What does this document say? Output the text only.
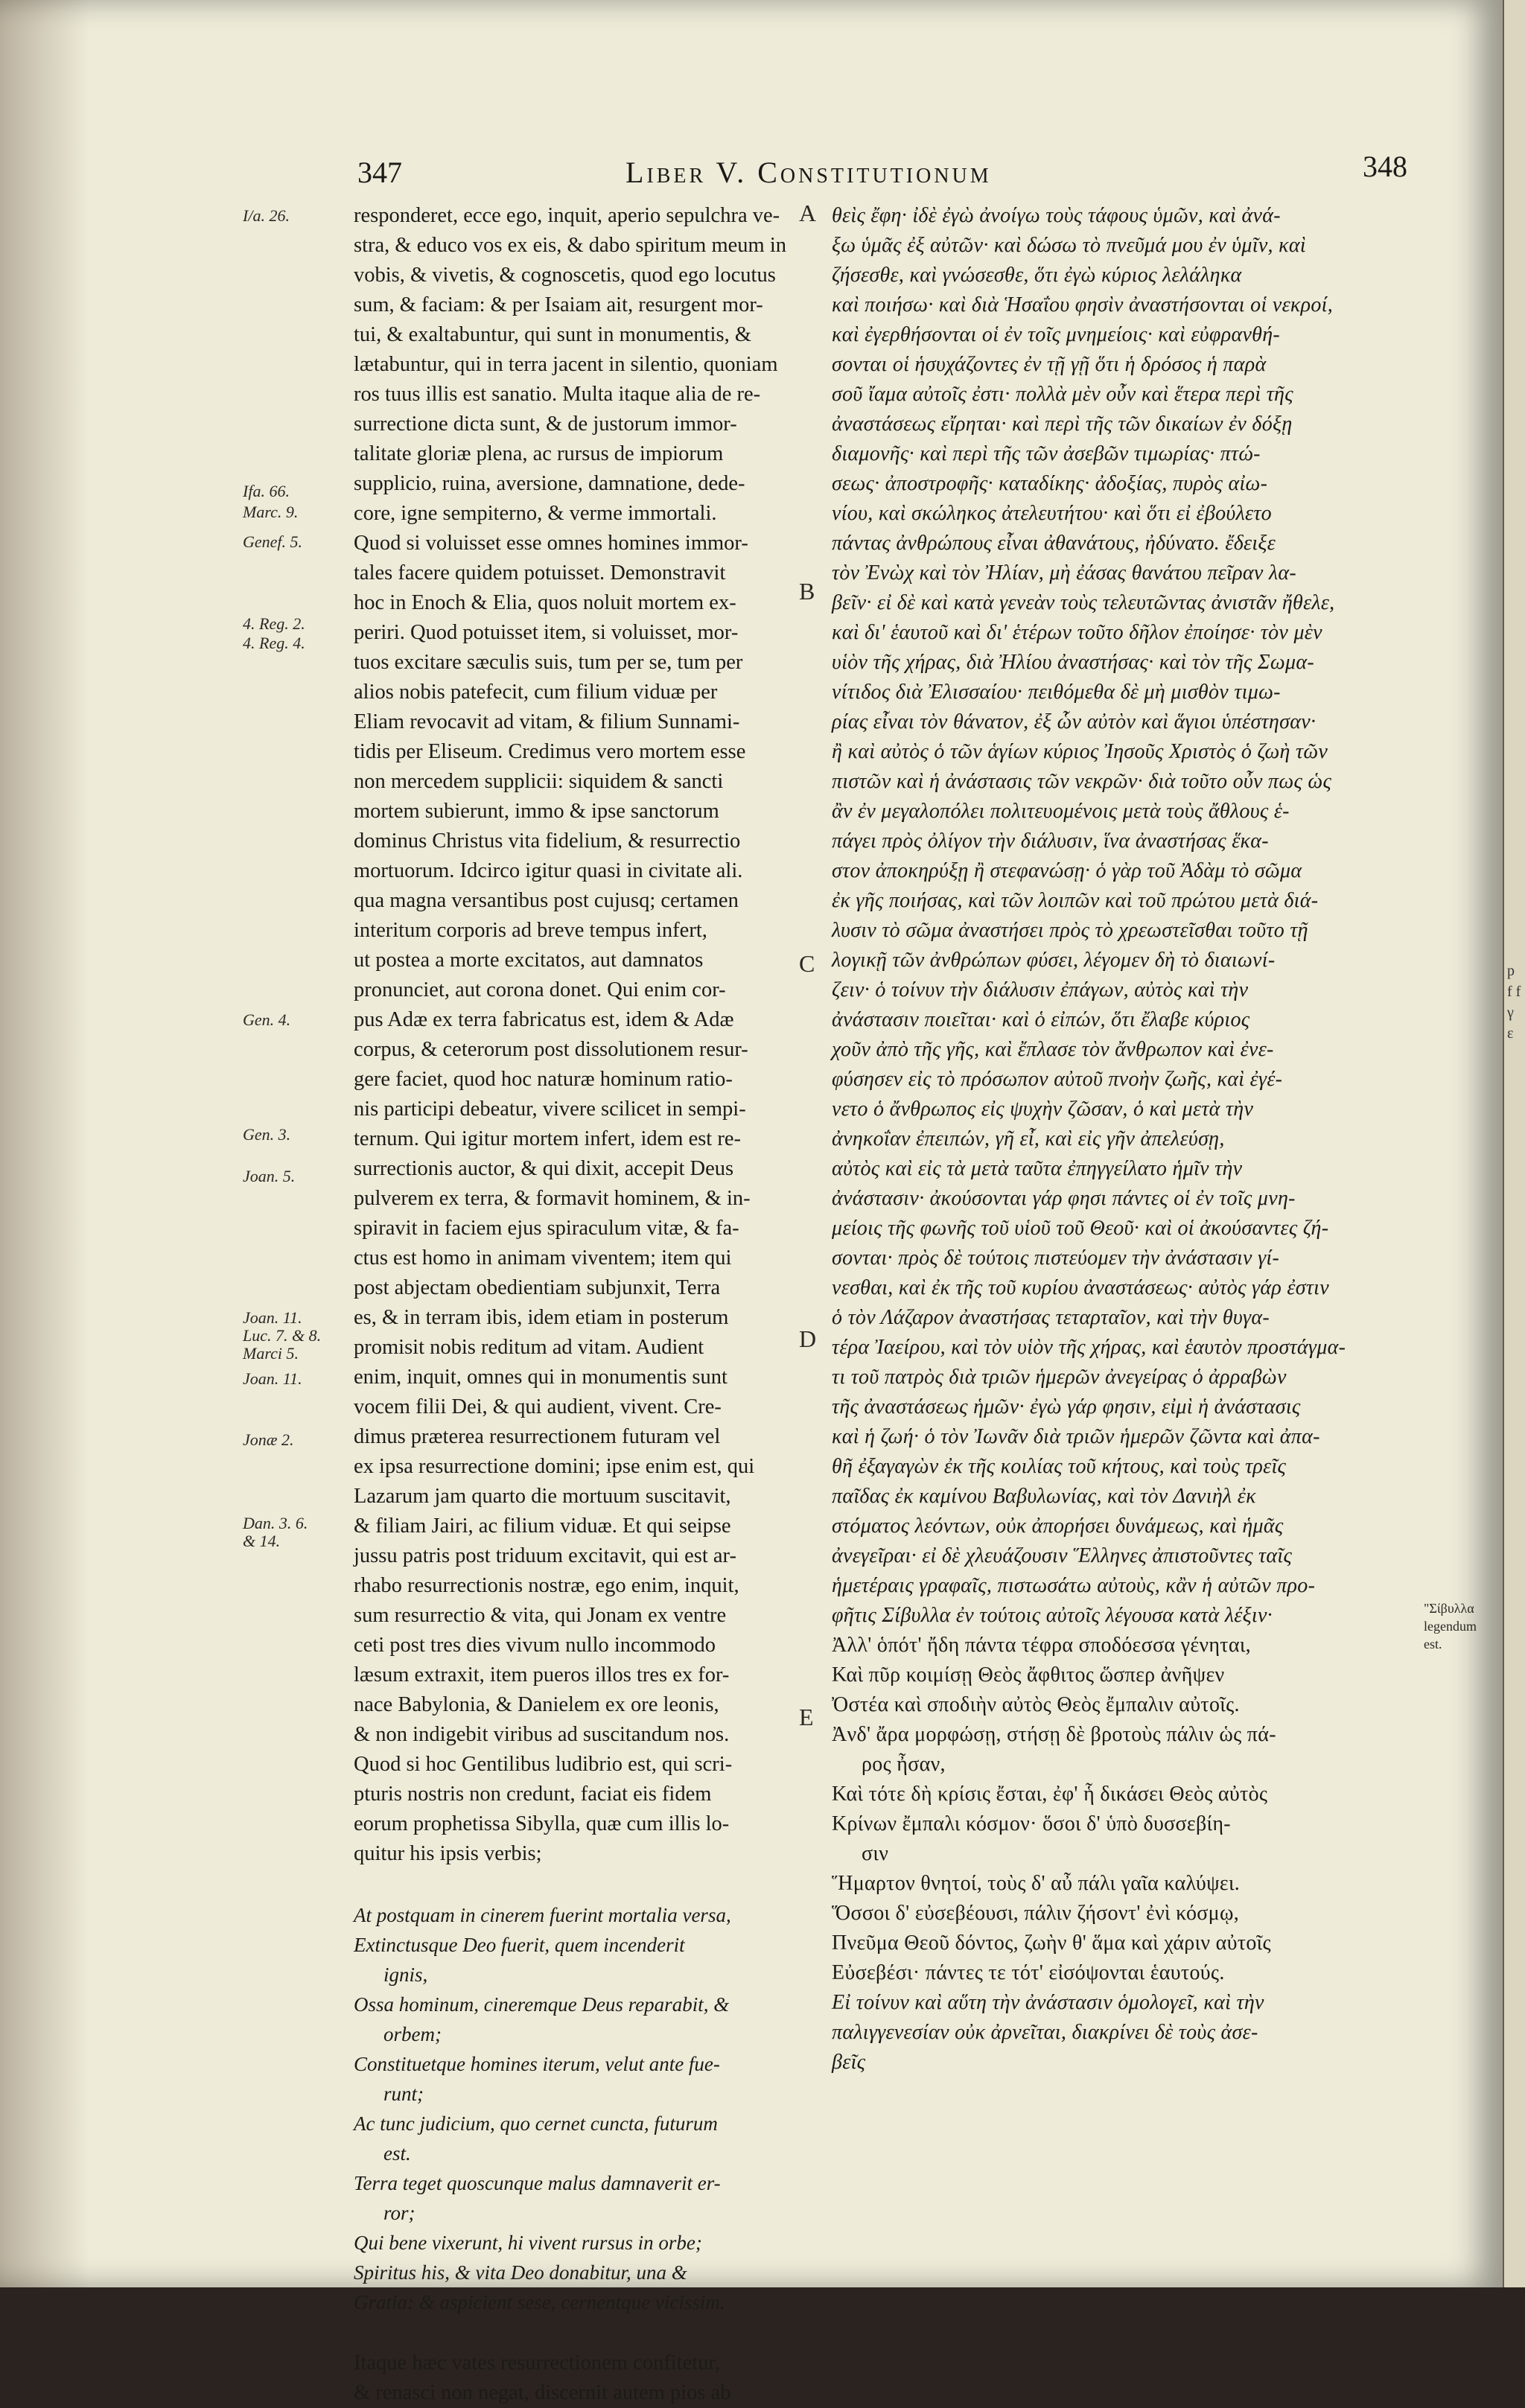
347	Liber V. Constitutionum	348
I/a. 26.
Ifa. 66.
Marc. 9.
Genef. 5.
4. Reg. 2.
4. Reg. 4.
Gen. 4.
Gen. 3.
Joan. 5.
Joan. 11.
Luc. 7. & 8.
Marci 5.
Joan. 11.
Jonæ 2.
Dan. 3. 6.
& 14.
A
B
C
D
E
responderet, ecce ego, inquit, aperio sepulchra ve-
stra, & educo vos ex eis, & dabo spiritum meum in
vobis, & vivetis, & cognoscetis, quod ego locutus
sum, & faciam: & per Isaiam ait, resurgent mor-
tui, & exaltabuntur, qui sunt in monumentis, &
lætabuntur, qui in terra jacent in silentio, quoniam
ros tuus illis est sanatio. Multa itaque alia de re-
surrectione dicta sunt, & de justorum immor-
talitate gloriæ plena, ac rursus de impiorum
supplicio, ruina, aversione, damnatione, dede-
core, igne sempiterno, & verme immortali.
Quod si voluisset esse omnes homines immor-
tales facere quidem potuisset. Demonstravit
hoc in Enoch & Elia, quos noluit mortem ex-
periri. Quod potuisset item, si voluisset, mor-
tuos excitare sæculis suis, tum per se, tum per
alios nobis patefecit, cum filium viduæ per
Eliam revocavit ad vitam, & filium Sunnami-
tidis per Eliseum. Credimus vero mortem esse
non mercedem supplicii: siquidem & sancti
mortem subierunt, immo & ipse sanctorum
dominus Christus vita fidelium, & resurrectio
mortuorum. Idcirco igitur quasi in civitate ali.
qua magna versantibus post cujusq; certamen
interitum corporis ad breve tempus infert,
ut postea a morte excitatos, aut damnatos
pronunciet, aut corona donet. Qui enim cor-
pus Adæ ex terra fabricatus est, idem & Adæ
corpus, & ceterorum post dissolutionem resur-
gere faciet, quod hoc naturæ hominum ratio-
nis participi debeatur, vivere scilicet in sempi-
ternum. Qui igitur mortem infert, idem est re-
surrectionis auctor, & qui dixit, accepit Deus
pulverem ex terra, & formavit hominem, & in-
spiravit in faciem ejus spiraculum vitæ, & fa-
ctus est homo in animam viventem; item qui
post abjectam obedientiam subjunxit, Terra
es, & in terram ibis, idem etiam in posterum
promisit nobis reditum ad vitam. Audient
enim, inquit, omnes qui in monumentis sunt
vocem filii Dei, & qui audient, vivent. Cre-
dimus præterea resurrectionem futuram vel
ex ipsa resurrectione domini; ipse enim est, qui
Lazarum jam quarto die mortuum suscitavit,
& filiam Jairi, ac filium viduæ. Et qui seipse
jussu patris post triduum excitavit, qui est ar-
rhabo resurrectionis nostræ, ego enim, inquit,
sum resurrectio & vita, qui Jonam ex ventre
ceti post tres dies vivum nullo incommodo
læsum extraxit, item pueros illos tres ex for-
nace Babylonia, & Danielem ex ore leonis,
& non indigebit viribus ad suscitandum nos.
Quod si hoc Gentilibus ludibrio est, qui scri-
pturis nostris non credunt, faciat eis fidem
eorum prophetissa Sibylla, quæ cum illis lo-
quitur his ipsis verbis;
At postquam in cinerem fuerint mortalia versa,
Extinctusque Deo fuerit, quem incenderit
ignis,
Ossa hominum, cineremque Deus reparabit, &
orbem;
Constituetque homines iterum, velut ante fue-
runt;
Ac tunc judicium, quo cernet cuncta, futurum
est.
Terra teget quoscunque malus damnaverit er-
ror;
Qui bene vixerunt, hi vivent rursus in orbe;
Spiritus his, & vita Deo donabitur, una &
Gratia: & aspicient sese, cernentque vicissim.
Itaque hæc vates resurrectionem confitetur,
& renasci non negat, discernit autem pios ab
θεὶς ἔφη· ἰδὲ ἐγὼ ἀνοίγω τοὺς τάφους ὑμῶν, καὶ ἀνά-
ξω ὑμᾶς ἐξ αὐτῶν· καὶ δώσω τὸ πνεῦμά μου ἐν ὑμῖν, καὶ
ζήσεσθε, καὶ γνώσεσθε, ὅτι ἐγὼ κύριος λελάληκα
καὶ ποιήσω· καὶ διὰ Ἡσαΐου φησὶν ἀναστήσονται οἱ νεκροί,
καὶ ἐγερθήσονται οἱ ἐν τοῖς μνημείοις· καὶ εὐφρανθή-
σονται οἱ ἡσυχάζοντες ἐν τῇ γῇ ὅτι ἡ δρόσος ἡ παρὰ
σοῦ ἴαμα αὐτοῖς ἐστι· πολλὰ μὲν οὖν καὶ ἕτερα περὶ τῆς
ἀναστάσεως εἴρηται· καὶ περὶ τῆς τῶν δικαίων ἐν δόξῃ
διαμονῆς· καὶ περὶ τῆς τῶν ἀσεβῶν τιμωρίας· πτώ-
σεως· ἀποστροφῆς· καταδίκης· ἀδοξίας, πυρὸς αἰω-
νίου, καὶ σκώληκος ἀτελευτήτου· καὶ ὅτι εἰ ἐβούλετο
πάντας ἀνθρώπους εἶναι ἀθανάτους, ἠδύνατο. ἔδειξε
τὸν Ἐνὼχ καὶ τὸν Ἠλίαν, μὴ ἐάσας θανάτου πεῖραν λα-
βεῖν· εἰ δὲ καὶ κατὰ γενεὰν τοὺς τελευτῶντας ἀνιστᾶν ἤθελε,
καὶ δι' ἑαυτοῦ καὶ δι' ἑτέρων τοῦτο δῆλον ἐποίησε· τὸν μὲν
υἱὸν τῆς χήρας, διὰ Ἠλίου ἀναστήσας· καὶ τὸν τῆς Σωμα-
νίτιδος διὰ Ἐλισσαίου· πειθόμεθα δὲ μὴ μισθὸν τιμω-
ρίας εἶναι τὸν θάνατον, ἐξ ὧν αὐτὸν καὶ ἅγιοι ὑπέστησαν·
ἢ καὶ αὐτὸς ὁ τῶν ἁγίων κύριος Ἰησοῦς Χριστὸς ὁ ζωὴ τῶν
πιστῶν καὶ ἡ ἀνάστασις τῶν νεκρῶν· διὰ τοῦτο οὖν πως ὡς
ἂν ἐν μεγαλοπόλει πολιτευομένοις μετὰ τοὺς ἄθλους ἑ-
πάγει πρὸς ὀλίγον τὴν διάλυσιν, ἵνα ἀναστήσας ἕκα-
στον ἀποκηρύξῃ ἢ στεφανώσῃ· ὁ γὰρ τοῦ Ἀδὰμ τὸ σῶμα
ἐκ γῆς ποιήσας, καὶ τῶν λοιπῶν καὶ τοῦ πρώτου μετὰ διά-
λυσιν τὸ σῶμα ἀναστήσει πρὸς τὸ χρεωστεῖσθαι τοῦτο τῇ
λογικῇ τῶν ἀνθρώπων φύσει, λέγομεν δὴ τὸ διαιωνί-
ζειν· ὁ τοίνυν τὴν διάλυσιν ἐπάγων, αὐτὸς καὶ τὴν
ἀνάστασιν ποιεῖται· καὶ ὁ εἰπών, ὅτι ἔλαβε κύριος
χοῦν ἀπὸ τῆς γῆς, καὶ ἔπλασε τὸν ἄνθρωπον καὶ ἐνε-
φύσησεν εἰς τὸ πρόσωπον αὐτοῦ πνοὴν ζωῆς, καὶ ἐγέ-
νετο ὁ ἄνθρωπος εἰς ψυχὴν ζῶσαν, ὁ καὶ μετὰ τὴν
ἀνηκοΐαν ἐπειπών, γῆ εἶ, καὶ εἰς γῆν ἀπελεύσῃ,
αὐτὸς καὶ εἰς τὰ μετὰ ταῦτα ἐπηγγείλατο ἡμῖν τὴν
ἀνάστασιν· ἀκούσονται γάρ φησι πάντες οἱ ἐν τοῖς μνη-
μείοις τῆς φωνῆς τοῦ υἱοῦ τοῦ Θεοῦ· καὶ οἱ ἀκούσαντες ζή-
σονται· πρὸς δὲ τούτοις πιστεύομεν τὴν ἀνάστασιν γί-
νεσθαι, καὶ ἐκ τῆς τοῦ κυρίου ἀναστάσεως· αὐτὸς γάρ ἐστιν
ὁ τὸν Λάζαρον ἀναστήσας τεταρταῖον, καὶ τὴν θυγα-
τέρα Ἰαείρου, καὶ τὸν υἱὸν τῆς χήρας, καὶ ἑαυτὸν προστάγμα-
τι τοῦ πατρὸς διὰ τριῶν ἡμερῶν ἀνεγείρας ὁ ἀρραβὼν
τῆς ἀναστάσεως ἡμῶν· ἐγὼ γάρ φησιν, εἰμὶ ἡ ἀνάστασις
καὶ ἡ ζωή· ὁ τὸν Ἰωνᾶν διὰ τριῶν ἡμερῶν ζῶντα καὶ ἀπα-
θῆ ἐξαγαγὼν ἐκ τῆς κοιλίας τοῦ κήτους, καὶ τοὺς τρεῖς
παῖδας ἐκ καμίνου Βαβυλωνίας, καὶ τὸν Δανιὴλ ἐκ
στόματος λεόντων, οὐκ ἀπορήσει δυνάμεως, καὶ ἡμᾶς
ἀνεγεῖραι· εἰ δὲ χλευάζουσιν Ἕλληνες ἀπιστοῦντες ταῖς
ἡμετέραις γραφαῖς, πιστωσάτω αὐτοὺς, κἂν ἡ αὐτῶν προ-
φῆτις Σίβυλλα ἐν τούτοις αὐτοῖς λέγουσα κατὰ λέξιν·
Ἀλλ' ὁπότ' ἤδη πάντα τέφρα σποδόεσσα γένηται,
Καὶ πῦρ κοιμίσῃ Θεὸς ἄφθιτος ὥσπερ ἀνῆψεν
Ὀστέα καὶ σποδιὴν αὐτὸς Θεὸς ἔμπαλιν αὐτοῖς.
Ἀνδ' ἄρα μορφώσῃ, στήσῃ δὲ βροτοὺς πάλιν ὡς πά-
ρος ἦσαν,
Καὶ τότε δὴ κρίσις ἔσται, ἐφ' ἧ δικάσει Θεὸς αὐτὸς
Κρίνων ἔμπαλι κόσμον· ὅσοι δ' ὑπὸ δυσσεβίη-
σιν
Ἥμαρτον θνητοί, τοὺς δ' αὖ πάλι γαῖα καλύψει.
Ὅσσοι δ' εὐσεβέουσι, πάλιν ζήσοντ' ἐνὶ κόσμῳ,
Πνεῦμα Θεοῦ δόντος, ζωὴν θ' ἅμα καὶ χάριν αὐτοῖς
Εὐσεβέσι· πάντες τε τότ' εἰσόψονται ἑαυτούς.
Εἰ τοίνυν καὶ αὕτη τὴν ἀνάστασιν ὁμολογεῖ, καὶ τὴν
παλιγγενεσίαν οὐκ ἀρνεῖται, διακρίνει δὲ τοὺς ἀσε-
βεῖς
"Σίβυλλα legendum est.
p f f γ ε
